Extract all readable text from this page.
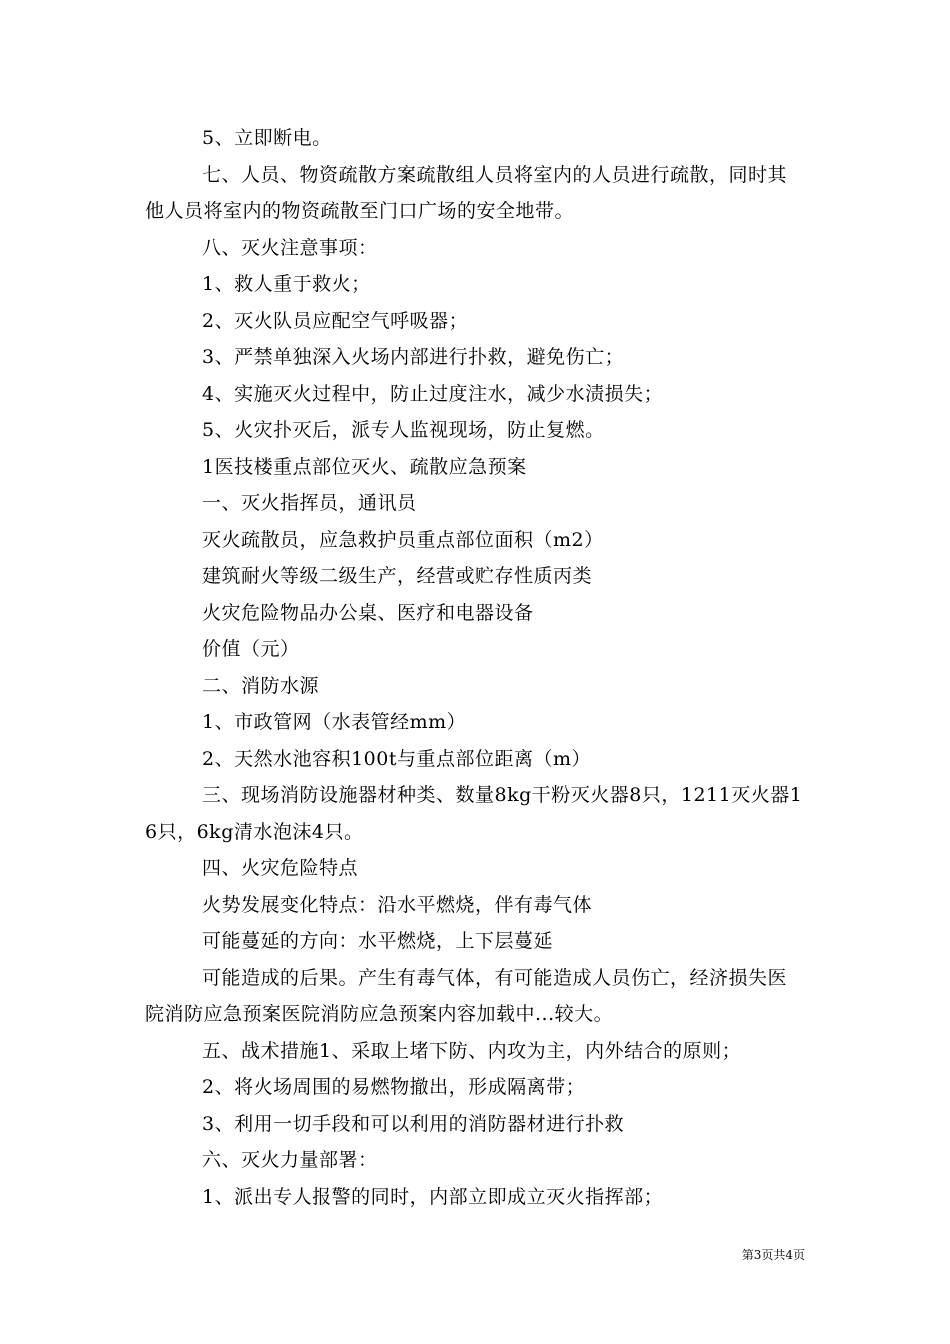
5、立即断电。

七、人员、物资疏散方案疏散组人员将室内的人员进行疏散，同时其他人员将室内的物资疏散至门口广场的安全地带。

八、灭火注意事项：

1、救人重于救火；

2、灭火队员应配空气呼吸器；

3、严禁单独深入火场内部进行扑救，避免伤亡；

4、实施灭火过程中，防止过度注水，减少水渍损失；

5、火灾扑灭后，派专人监视现场，防止复燃。

1医技楼重点部位灭火、疏散应急预案

一、灭火指挥员，通讯员

灭火疏散员，应急救护员重点部位面积（m2）

建筑耐火等级二级生产，经营或贮存性质丙类

火灾危险物品办公桌、医疗和电器设备

价值（元）

二、消防水源

1、市政管网（水表管经mm）

2、天然水池容积100t与重点部位距离（m）

三、现场消防设施器材种类、数量8kg干粉灭火器8只，1211灭火器16只，6kg清水泡沫4只。

四、火灾危险特点

火势发展变化特点：沿水平燃烧，伴有毒气体

可能蔓延的方向：水平燃烧，上下层蔓延

可能造成的后果。产生有毒气体，有可能造成人员伤亡，经济损失医院消防应急预案医院消防应急预案内容加载中...较大。

五、战术措施1、采取上堵下防、内攻为主，内外结合的原则；

2、将火场周围的易燃物撤出，形成隔离带；

3、利用一切手段和可以利用的消防器材进行扑救

六、灭火力量部署：

1、派出专人报警的同时，内部立即成立灭火指挥部；

第3页共4页
